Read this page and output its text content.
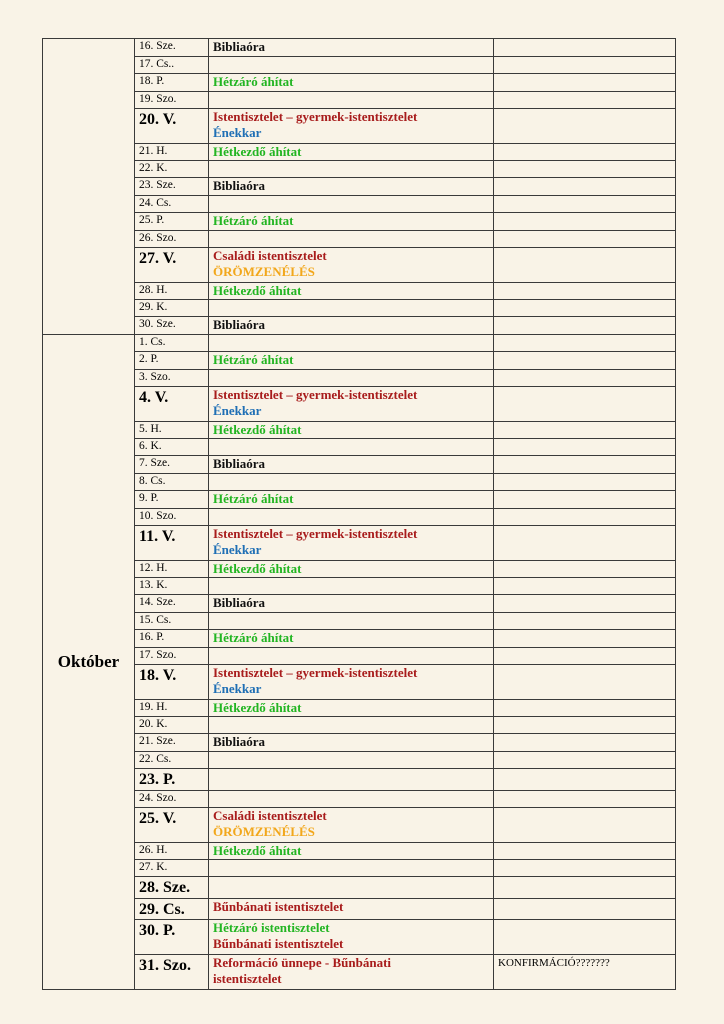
	16. Sze.	Bibliaóra	

	17. Cs..		
	18. P.	Hétzáró áhítat	

	19. Szo.		
	20. V.	Istentisztelet – gyermek-istentisztelet
Énekkar	

	21. H.	Hétkezdő áhítat	

	22. K.		
	23. Sze.	Bibliaóra	

	24. Cs.		
	25. P.	Hétzáró áhítat	

	26. Szo.		
	27. V.	Családi istentisztelet
ÖRÖMZENÉLÉS	

	28. H.	Hétkezdő áhítat	

	29. K.		
	30. Sze.	Bibliaóra	

Október	1. Cs.		
	2. P.	Hétzáró áhítat	

	3. Szo.		
	4. V.	Istentisztelet – gyermek-istentisztelet
Énekkar	

	5. H.	Hétkezdő áhítat	

	6. K.		
	7. Sze.	Bibliaóra	

	8. Cs.		
	9. P.	Hétzáró áhítat	

	10. Szo.		
	11. V.	Istentisztelet – gyermek-istentisztelet
Énekkar	

	12. H.	Hétkezdő áhítat	

	13. K.		
	14. Sze.	Bibliaóra	

	15. Cs.		
	16. P.	Hétzáró áhítat	

	17. Szo.		
	18. V.	Istentisztelet – gyermek-istentisztelet
Énekkar	

	19. H.	Hétkezdő áhítat	

	20. K.		
	21. Sze.	Bibliaóra	

	22. Cs.		
	23. P.		
	24. Szo.		
	25. V.	Családi istentisztelet
ÖRÖMZENÉLÉS	

	26. H.	Hétkezdő áhítat	

	27. K.		
	28. Sze.		
	29. Cs.	Bűnbánati istentisztelet	

	30. P.	Hétzáró istentisztelet
Bűnbánati istentisztelet	

	31. Szo.	Reformáció ünnepe - Bűnbánati
istentisztelet	KONFIRMÁCIÓ???????
